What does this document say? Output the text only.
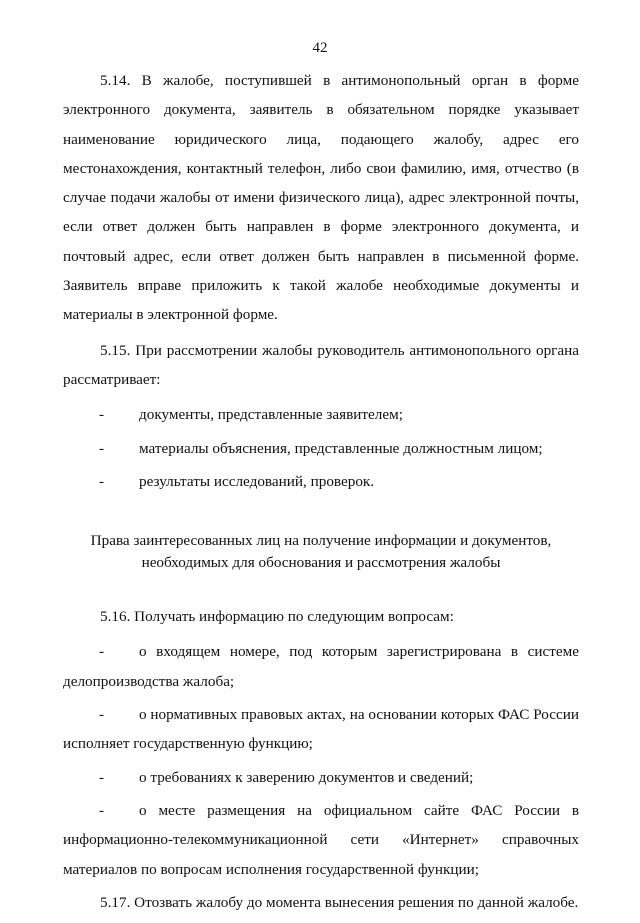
42

5.14. В жалобе, поступившей в антимонопольный орган в форме электронного документа, заявитель в обязательном порядке указывает наименование юридического лица, подающего жалобу, адрес его местонахождения, контактный телефон, либо свои фамилию, имя, отчество (в случае подачи жалобы от имени физического лица), адрес электронной почты, если ответ должен быть направлен в форме электронного документа, и почтовый адрес, если ответ должен быть направлен в письменной форме. Заявитель вправе приложить к такой жалобе необходимые документы и материалы в электронной форме.

5.15. При рассмотрении жалобы руководитель антимонопольного органа рассматривает:

- документы, представленные заявителем;
- материалы объяснения, представленные должностным лицом;
- результаты исследований, проверок.
Права заинтересованных лиц на получение информации и документов,
необходимых для обоснования и рассмотрения жалобы

5.16. Получать информацию по следующим вопросам:

- о входящем номере, под которым зарегистрирована в системе делопроизводства жалоба;
- о нормативных правовых актах, на основании которых ФАС России исполняет государственную функцию;
- о требованиях к заверению документов и сведений;
- о месте размещения на официальном сайте ФАС России в информационно-телекоммуникационной сети «Интернет» справочных материалов по вопросам исполнения государственной функции;

5.17. Отозвать жалобу до момента вынесения решения по данной жалобе.
